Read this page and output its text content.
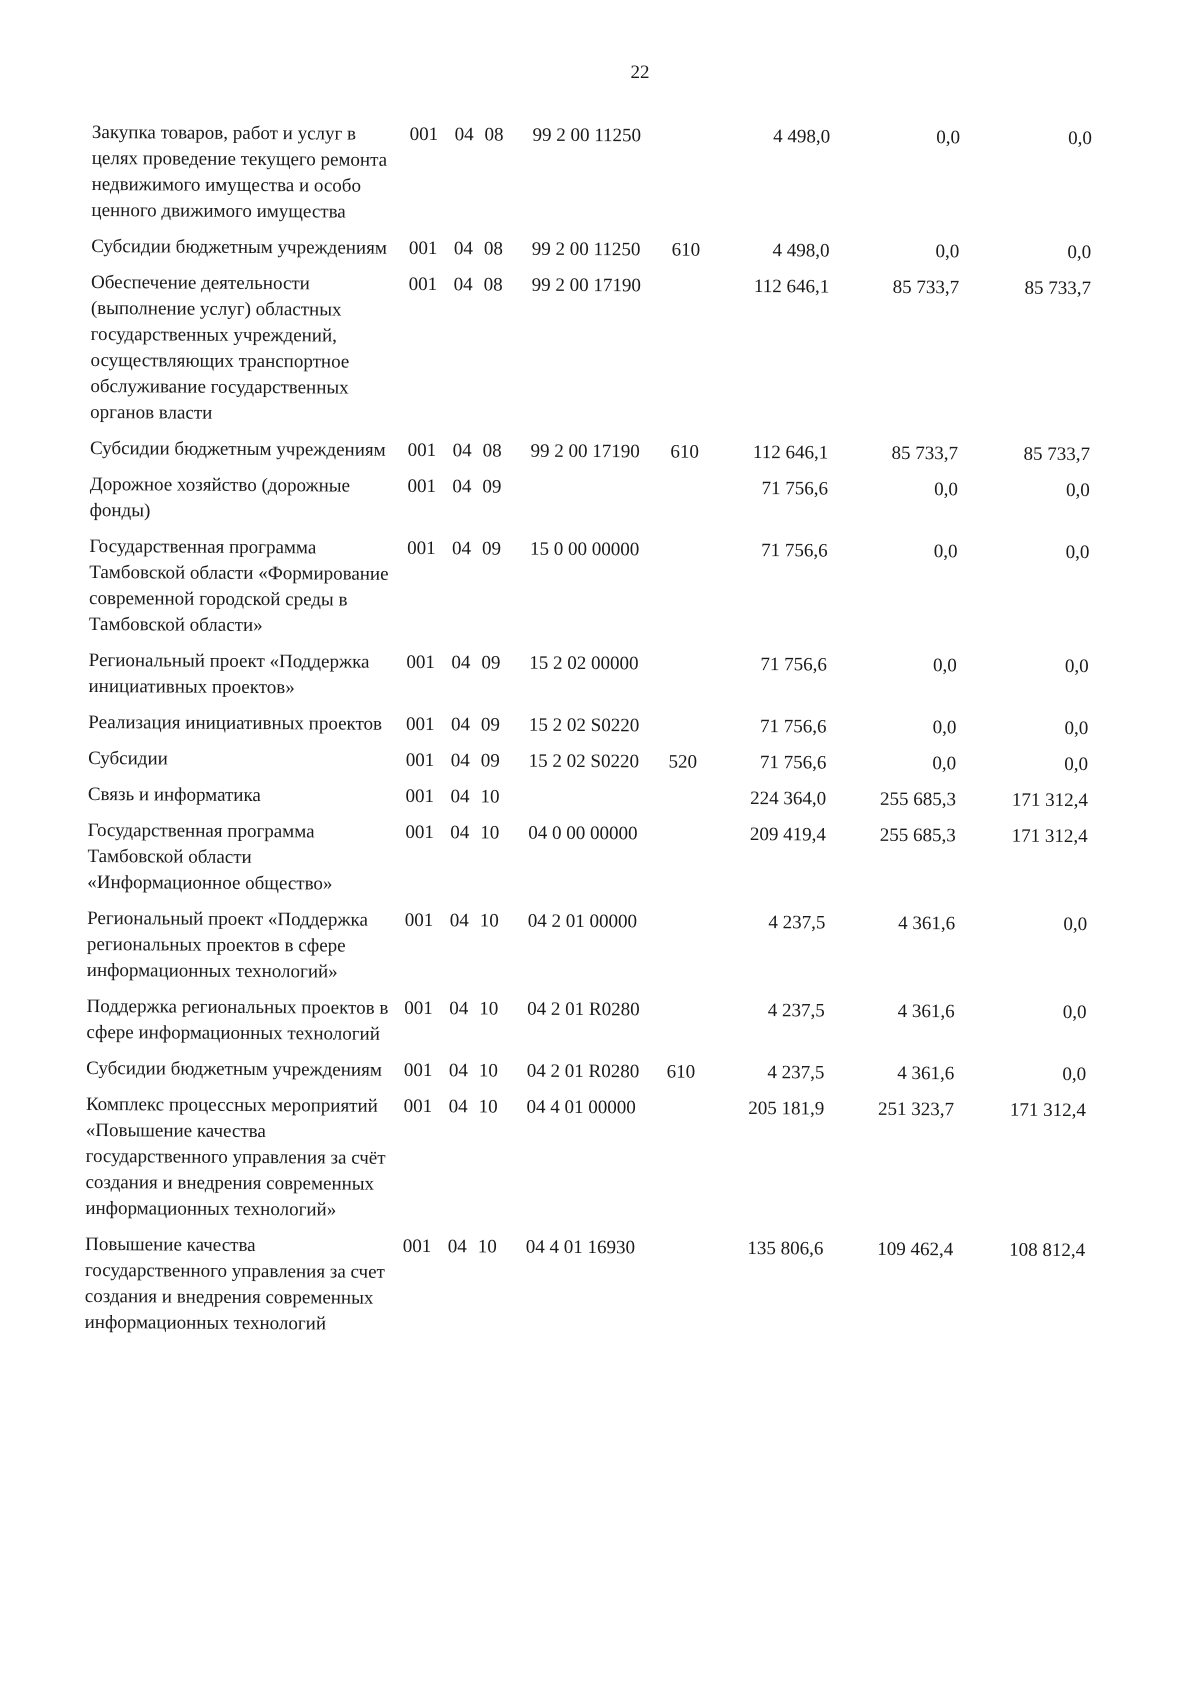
22
Закупка товаров, работ и услуг в целях проведение текущего ремонта недвижимого имущества и особо ценного движимого имущества	001	04	08	99 2 00 11250		4 498,0	0,0	0,0
Субсидии бюджетным учреждениям	001	04	08	99 2 00 11250	610	4 498,0	0,0	0,0
Обеспечение деятельности (выполнение услуг) областных государственных учреждений, осуществляющих транспортное обслуживание государственных органов власти	001	04	08	99 2 00 17190		112 646,1	85 733,7	85 733,7
Субсидии бюджетным учреждениям	001	04	08	99 2 00 17190	610	112 646,1	85 733,7	85 733,7
Дорожное хозяйство (дорожные фонды)	001	04	09			71 756,6	0,0	0,0
Государственная программа Тамбовской области «Формирование современной городской среды в Тамбовской области»	001	04	09	15 0 00 00000		71 756,6	0,0	0,0
Региональный проект «Поддержка инициативных проектов»	001	04	09	15 2 02 00000		71 756,6	0,0	0,0
Реализация инициативных проектов	001	04	09	15 2 02 S0220		71 756,6	0,0	0,0
Субсидии	001	04	09	15 2 02 S0220	520	71 756,6	0,0	0,0
Связь и информатика	001	04	10			224 364,0	255 685,3	171 312,4
Государственная программа Тамбовской области «Информационное общество»	001	04	10	04 0 00 00000		209 419,4	255 685,3	171 312,4
Региональный проект «Поддержка региональных проектов в сфере информационных технологий»	001	04	10	04 2 01 00000		4 237,5	4 361,6	0,0
Поддержка региональных проектов в сфере информационных технологий	001	04	10	04 2 01 R0280		4 237,5	4 361,6	0,0
Субсидии бюджетным учреждениям	001	04	10	04 2 01 R0280	610	4 237,5	4 361,6	0,0
Комплекс процессных мероприятий «Повышение качества государственного управления за счёт создания и внедрения современных информационных технологий»	001	04	10	04 4 01 00000		205 181,9	251 323,7	171 312,4
Повышение качества государственного управления за счет создания и внедрения современных информационных технологий	001	04	10	04 4 01 16930		135 806,6	109 462,4	108 812,4
